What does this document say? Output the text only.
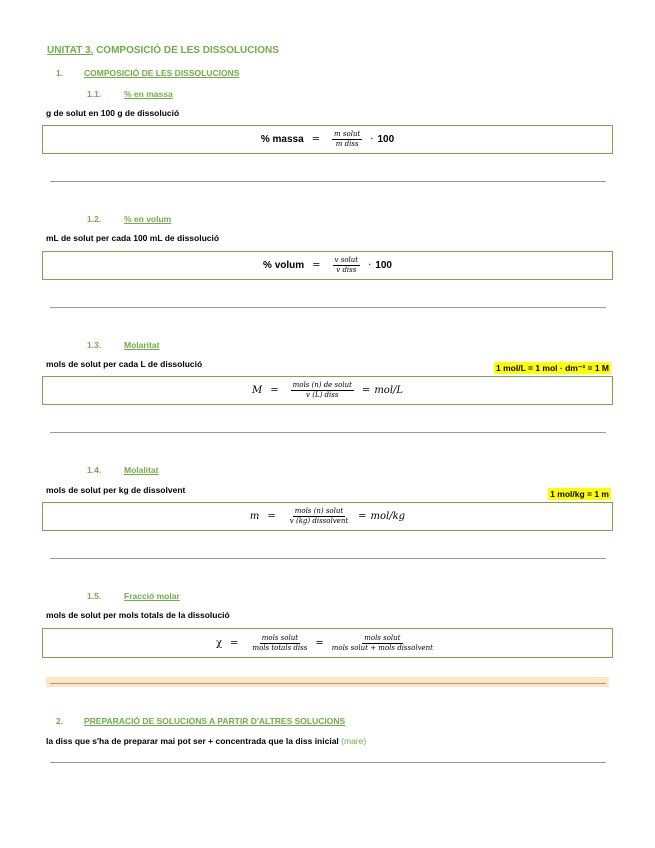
UNITAT 3. COMPOSICIÓ DE LES DISSOLUCIONS
1. COMPOSICIÓ DE LES DISSOLUCIONS
1.1.	% en massa
g de solut en 100 g de dissolució
% massa = $\frac{\text{m solut}}{\text{m diss}} \cdot 100$
1.2.	% en volum
mL de solut per cada 100 mL de dissolució
% volum = $\frac{\text{v solut}}{\text{v diss}} \cdot 100$
1.3.	Molaritat
mols de solut per cada L de dissolució	1 mol/L = 1 mol · dm⁻³ = 1 M
$M = \frac{\text{mols (n) de solut}}{\text{v (L) diss}} = mol/L$
1.4.	Molalitat
mols de solut per kg de dissolvent	1 mol/kg = 1 m
$m = \frac{\text{mols (n) solut}}{\text{v (kg) dissolvent}} = mol/kg$
1.5.	Fracció molar
mols de solut per mols totals de la dissolució
$\chi = \frac{\text{mols solut}}{\text{mols totals diss}} = \frac{\text{mols solut}}{\text{mols solut + mols dissolvent}}$
2. PREPARACIÓ DE SOLUCIONS A PARTIR D'ALTRES SOLUCIONS
la diss que s'ha de preparar mai pot ser + concentrada que la diss inicial (mare)
